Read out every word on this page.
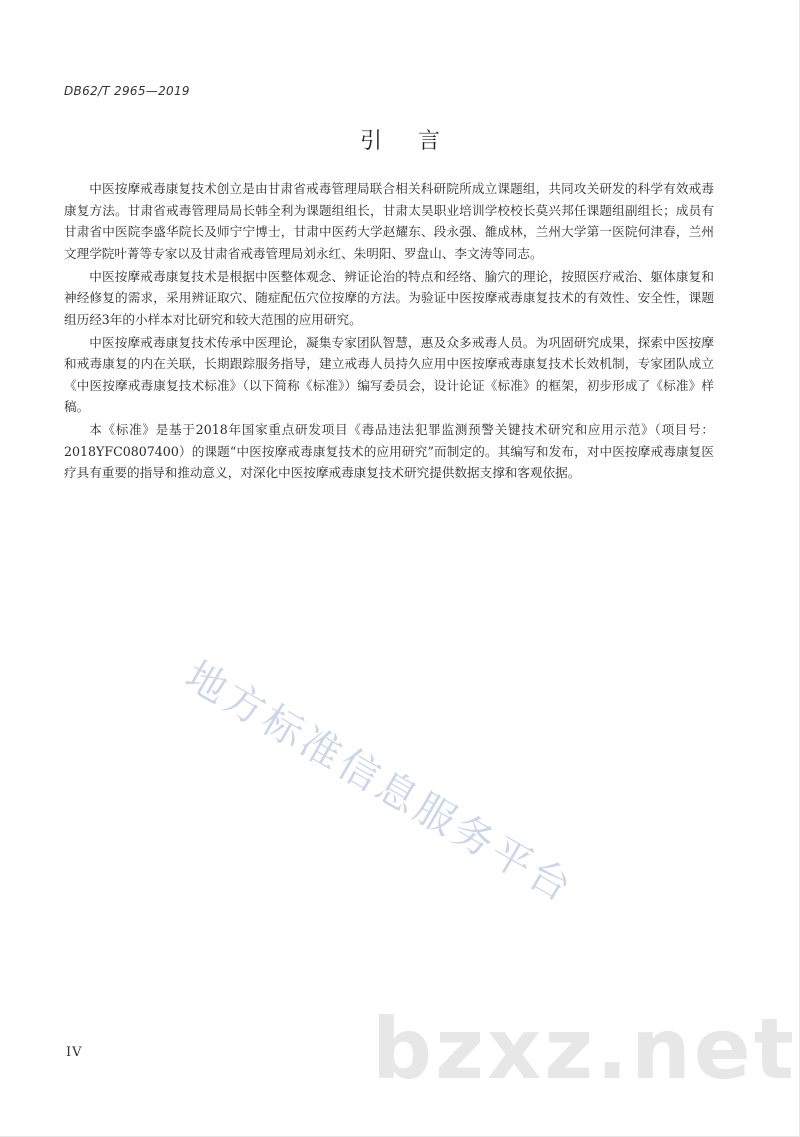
DB62/T 2965—2019
引 言

中医按摩戒毒康复技术创立是由甘肃省戒毒管理局联合相关科研院所成立课题组，共同攻关研发的科学有效戒毒康复方法。甘肃省戒毒管理局局长韩全利为课题组组长，甘肃太昊职业培训学校校长莫兴邦任课题组副组长；成员有甘肃省中医院李盛华院长及师宁宁博士，甘肃中医药大学赵耀东、段永强、雒成林，兰州大学第一医院何津春，兰州文理学院叶菁等专家以及甘肃省戒毒管理局刘永红、朱明阳、罗盘山、李文涛等同志。

中医按摩戒毒康复技术是根据中医整体观念、辨证论治的特点和经络、腧穴的理论，按照医疗戒治、躯体康复和神经修复的需求，采用辨证取穴、随症配伍穴位按摩的方法。为验证中医按摩戒毒康复技术的有效性、安全性，课题组历经3年的小样本对比研究和较大范围的应用研究。

中医按摩戒毒康复技术传承中医理论，凝集专家团队智慧，惠及众多戒毒人员。为巩固研究成果，探索中医按摩和戒毒康复的内在关联，长期跟踪服务指导，建立戒毒人员持久应用中医按摩戒毒康复技术长效机制，专家团队成立《中医按摩戒毒康复技术标准》（以下简称《标准》）编写委员会，设计论证《标准》的框架，初步形成了《标准》样稿。

本《标准》是基于2018年国家重点研发项目《毒品违法犯罪监测预警关键技术研究和应用示范》（项目号：2018YFC0807400）的课题“中医按摩戒毒康复技术的应用研究”而制定的。其编写和发布，对中医按摩戒毒康复医疗具有重要的指导和推动意义，对深化中医按摩戒毒康复技术研究提供数据支撑和客观依据。

地方标准信息服务平台
bzxz.net
IV
